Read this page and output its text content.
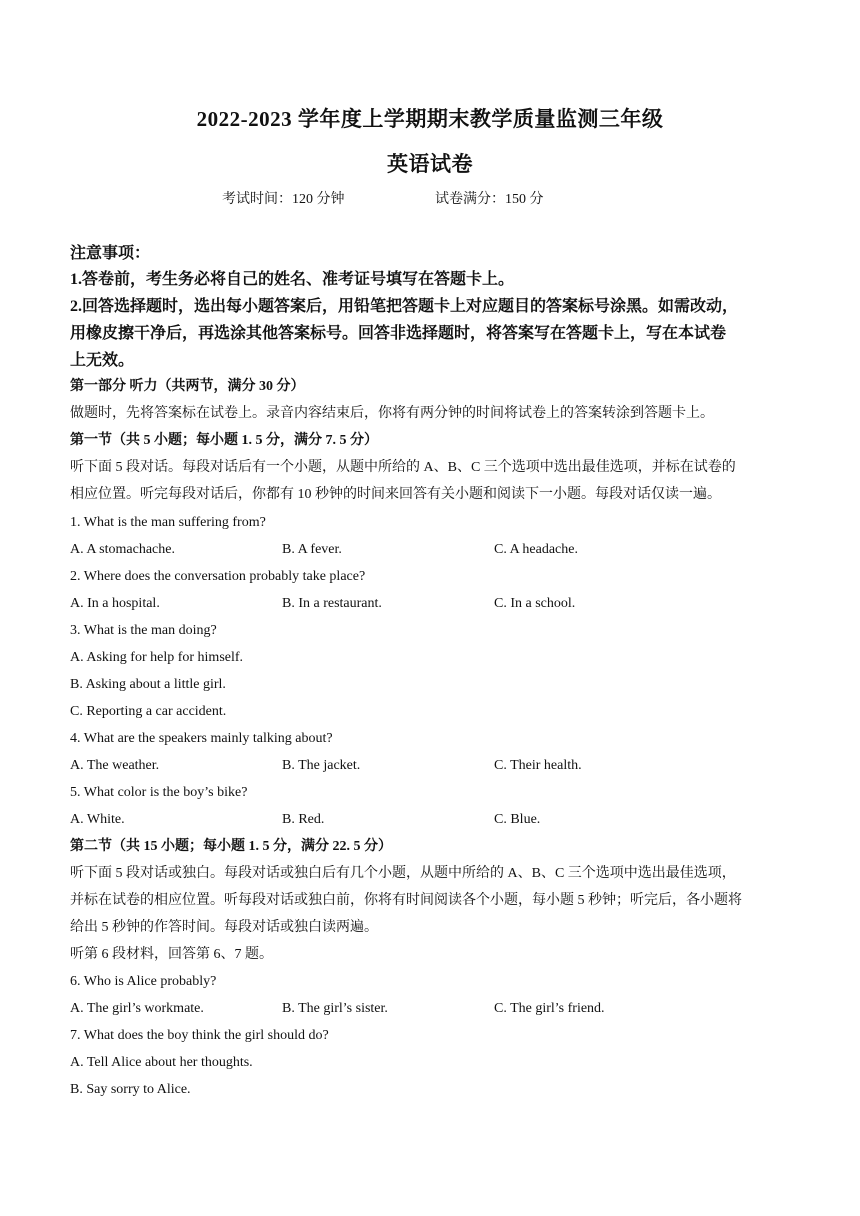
2022-2023 学年度上学期期末教学质量监测三年级
英语试卷
考试时间：120 分钟	试卷满分：150 分
注意事项：
1.答卷前，考生务必将自己的姓名、准考证号填写在答题卡上。
2.回答选择题时，选出每小题答案后，用铅笔把答题卡上对应题目的答案标号涂黑。如需改动，
用橡皮擦干净后，再选涂其他答案标号。回答非选择题时，将答案写在答题卡上，写在本试卷
上无效。
第一部分 听力（共两节，满分 30 分）
做题时，先将答案标在试卷上。录音内容结束后，你将有两分钟的时间将试卷上的答案转涂到答题卡上。
第一节（共 5 小题；每小题 1. 5 分，满分 7. 5 分）
听下面 5 段对话。每段对话后有一个小题，从题中所给的 A、B、C 三个选项中选出最佳选项，并标在试卷的
相应位置。听完每段对话后，你都有 10 秒钟的时间来回答有关小题和阅读下一小题。每段对话仅读一遍。
1. What is the man suffering from?
A. A stomachache.	B. A fever.	C. A headache.
2. Where does the conversation probably take place?
A. In a hospital.	B. In a restaurant.	C. In a school.
3. What is the man doing?
A. Asking for help for himself.
B. Asking about a little girl.
C. Reporting a car accident.
4. What are the speakers mainly talking about?
A. The weather.	B. The jacket.	C. Their health.
5. What color is the boy’s bike?
A. White.	B. Red.	C. Blue.
第二节（共 15 小题；每小题 1. 5 分，满分 22. 5 分）
听下面 5 段对话或独白。每段对话或独白后有几个小题，从题中所给的 A、B、C 三个选项中选出最佳选项，
并标在试卷的相应位置。听每段对话或独白前，你将有时间阅读各个小题，每小题 5 秒钟；听完后，各小题将
给出 5 秒钟的作答时间。每段对话或独白读两遍。
听第 6 段材料，回答第 6、7 题。
6. Who is Alice probably?
A. The girl’s workmate.	B. The girl’s sister.	C. The girl’s friend.
7. What does the boy think the girl should do?
A. Tell Alice about her thoughts.
B. Say sorry to Alice.
